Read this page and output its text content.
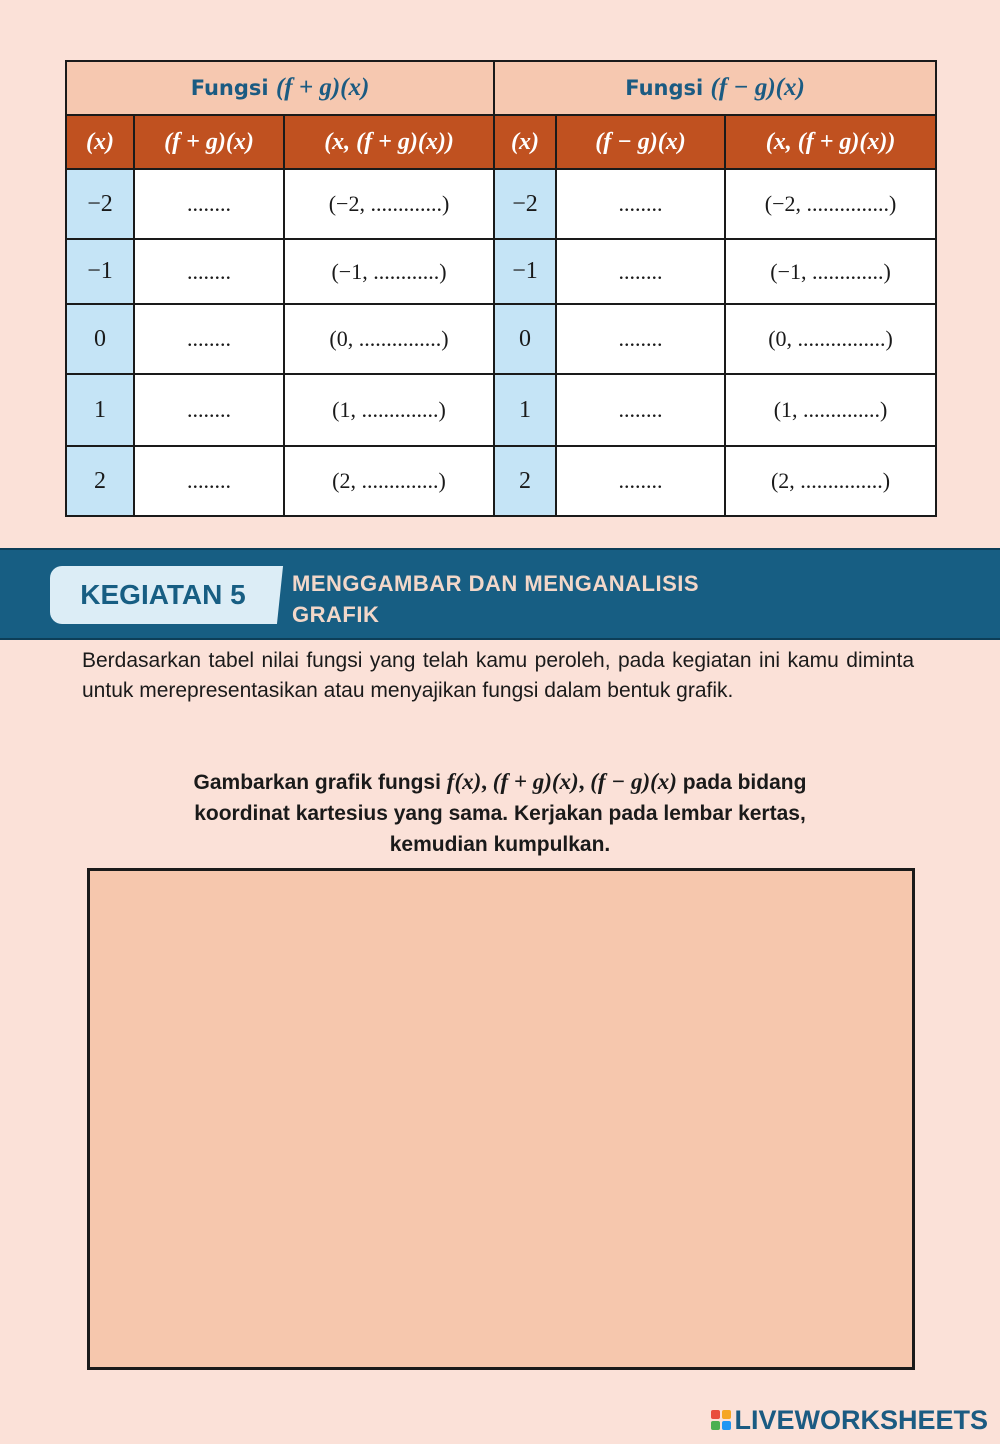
Fungsi (f + g)(x)			Fungsi (f − g)(x)		
(x)	(f + g)(x)	(x, (f + g)(x))	(x)	(f − g)(x)	(x, (f + g)(x))
−2	........	(−2, .............)	−2	........	(−2, ...............)
−1	........	(−1, ............)	−1	........	(−1, .............)
0	........	(0, ...............)	0	........	(0, ................)
1	........	(1, ..............)	1	........	(1, ..............)
2	........	(2, ..............)	2	........	(2, ...............)
KEGIATAN 5	MENGGAMBAR DAN MENGANALISIS
GRAFIK
Berdasarkan tabel nilai fungsi yang telah kamu peroleh, pada kegiatan ini kamu diminta untuk merepresentasikan atau menyajikan fungsi dalam bentuk grafik.
Gambarkan grafik fungsi f(x), (f + g)(x), (f − g)(x) pada bidang
koordinat kartesius yang sama. Kerjakan pada lembar kertas,
kemudian kumpulkan.
LIVEWORKSHEETS
